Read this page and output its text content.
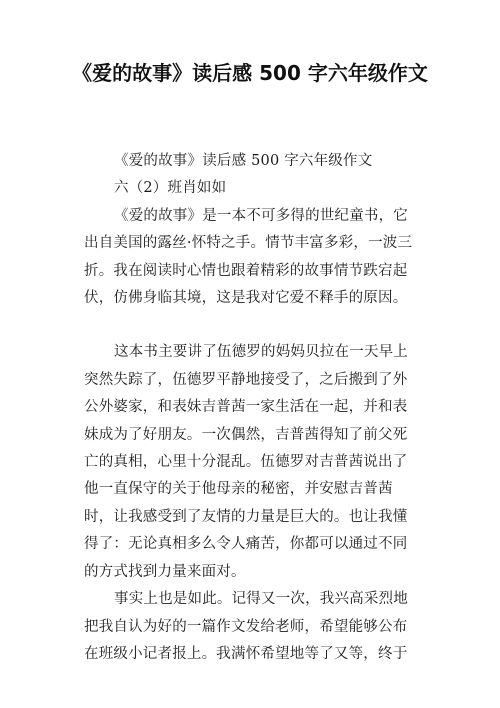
《爱的故事》读后感 500 字六年级作文

《爱的故事》读后感 500 字六年级作文

六（2）班肖如如

《爱的故事》是一本不可多得的世纪童书，它出自美国的露丝·怀特之手。情节丰富多彩，一波三折。我在阅读时心情也跟着精彩的故事情节跌宕起伏，仿佛身临其境，这是我对它爱不释手的原因。

这本书主要讲了伍德罗的妈妈贝拉在一天早上突然失踪了，伍德罗平静地接受了，之后搬到了外公外婆家，和表妹吉普茜一家生活在一起，并和表妹成为了好朋友。一次偶然，吉普茜得知了前父死亡的真相，心里十分混乱。伍德罗对吉普茜说出了他一直保守的关于他母亲的秘密，并安慰吉普茜时，让我感受到了友情的力量是巨大的。也让我懂得了：无论真相多么令人痛苦，你都可以通过不同的方式找到力量来面对。

事实上也是如此。记得又一次，我兴高采烈地把我自认为好的一篇作文发给老师，希望能够公布在班级小记者报上。我满怀希望地等了又等，终于
